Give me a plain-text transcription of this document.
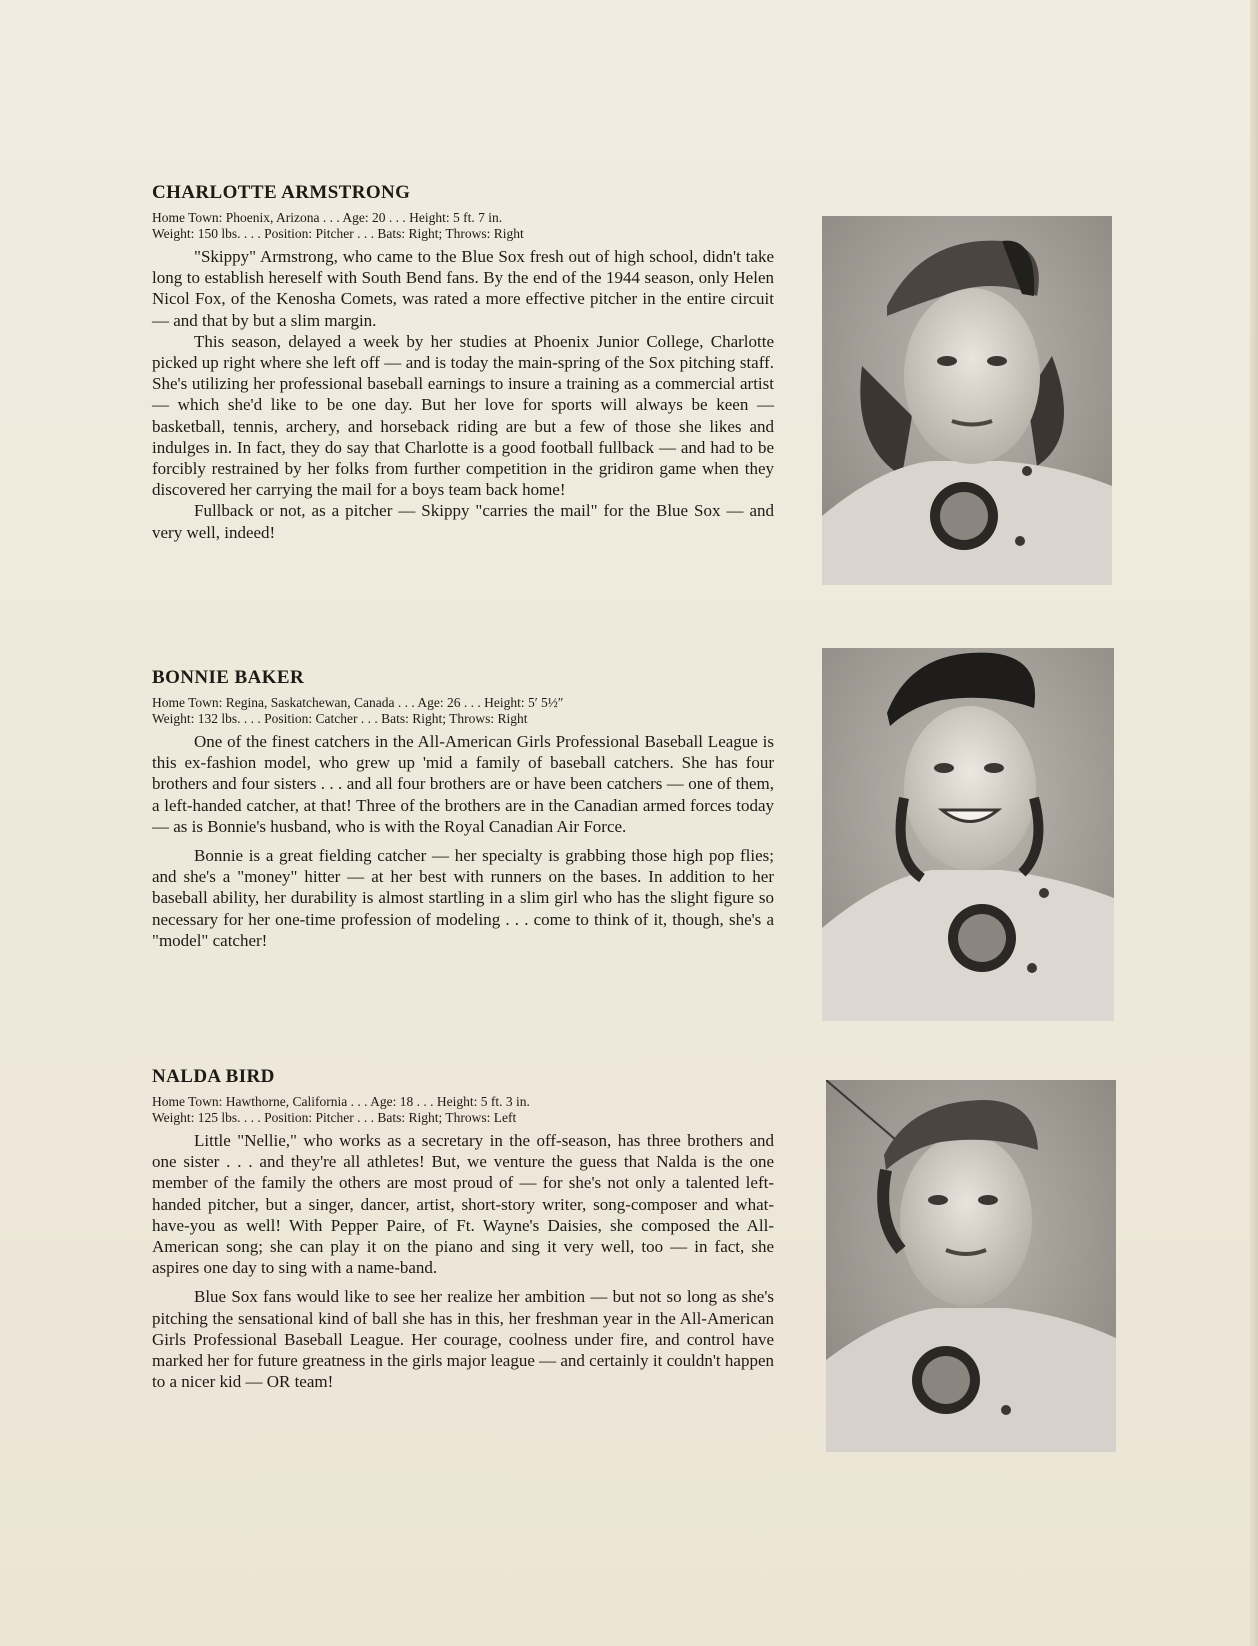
CHARLOTTE ARMSTRONG
Home Town: Phoenix, Arizona . . . Age: 20 . . . Height: 5 ft. 7 in.
Weight: 150 lbs. . . . Position: Pitcher . . . Bats: Right; Throws: Right

"Skippy" Armstrong, who came to the Blue Sox fresh out of high school, didn't take long to establish hereself with South Bend fans. By the end of the 1944 season, only Helen Nicol Fox, of the Kenosha Comets, was rated a more effective pitcher in the entire circuit — and that by but a slim margin.

This season, delayed a week by her studies at Phoenix Junior College, Charlotte picked up right where she left off — and is today the main-spring of the Sox pitching staff. She's utilizing her professional baseball earnings to insure a training as a commercial artist — which she'd like to be one day. But her love for sports will always be keen — basketball, tennis, archery, and horseback riding are but a few of those she likes and indulges in. In fact, they do say that Charlotte is a good football fullback — and had to be forcibly restrained by her folks from further competition in the gridiron game when they discovered her carrying the mail for a boys team back home!

Fullback or not, as a pitcher — Skippy "carries the mail" for the Blue Sox — and very well, indeed!

BONNIE BAKER
Home Town: Regina, Saskatchewan, Canada . . . Age: 26 . . . Height: 5′ 5½″
Weight: 132 lbs. . . . Position: Catcher . . . Bats: Right; Throws: Right

One of the finest catchers in the All-American Girls Professional Baseball League is this ex-fashion model, who grew up 'mid a family of baseball catchers. She has four brothers and four sisters . . . and all four brothers are or have been catchers — one of them, a left-handed catcher, at that! Three of the brothers are in the Canadian armed forces today — as is Bonnie's husband, who is with the Royal Canadian Air Force.

Bonnie is a great fielding catcher — her specialty is grabbing those high pop flies; and she's a "money" hitter — at her best with runners on the bases. In addition to her baseball ability, her durability is almost startling in a slim girl who has the slight figure so necessary for her one-time profession of modeling . . . come to think of it, though, she's a "model" catcher!

NALDA BIRD
Home Town: Hawthorne, California . . . Age: 18 . . . Height: 5 ft. 3 in.
Weight: 125 lbs. . . . Position: Pitcher . . . Bats: Right; Throws: Left

Little "Nellie," who works as a secretary in the off-season, has three brothers and one sister . . . and they're all athletes! But, we venture the guess that Nalda is the one member of the family the others are most proud of — for she's not only a talented left-handed pitcher, but a singer, dancer, artist, short-story writer, song-composer and what-have-you as well! With Pepper Paire, of Ft. Wayne's Daisies, she composed the All-American song; she can play it on the piano and sing it very well, too — in fact, she aspires one day to sing with a name-band.

Blue Sox fans would like to see her realize her ambition — but not so long as she's pitching the sensational kind of ball she has in this, her freshman year in the All-American Girls Professional Baseball League. Her courage, coolness under fire, and control have marked her for future greatness in the girls major league — and certainly it couldn't happen to a nicer kid — OR team!
